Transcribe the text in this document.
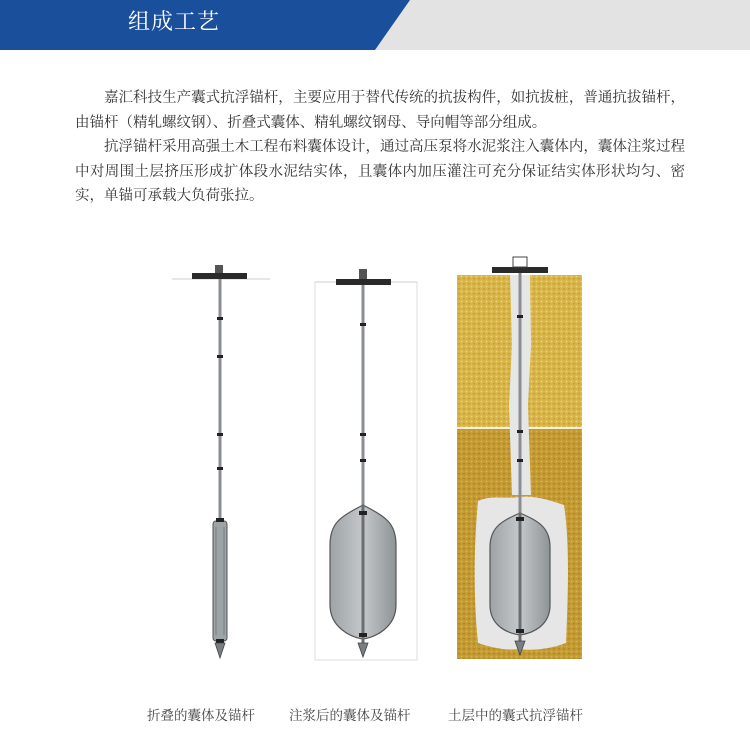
组成工艺

嘉汇科技生产囊式抗浮锚杆，主要应用于替代传统的抗拔构件，如抗拔桩，普通抗拔锚杆，由锚杆（精轧螺纹钢）、折叠式囊体、精轧螺纹钢母、导向帽等部分组成。

抗浮锚杆采用高强土木工程布料囊体设计，通过高压泵将水泥浆注入囊体内，囊体注浆过程中对周围土层挤压形成扩体段水泥结实体，且囊体内加压灌注可充分保证结实体形状均匀、密实，单锚可承载大负荷张拉。

折叠的囊体及锚杆	注浆后的囊体及锚杆	土层中的囊式抗浮锚杆
